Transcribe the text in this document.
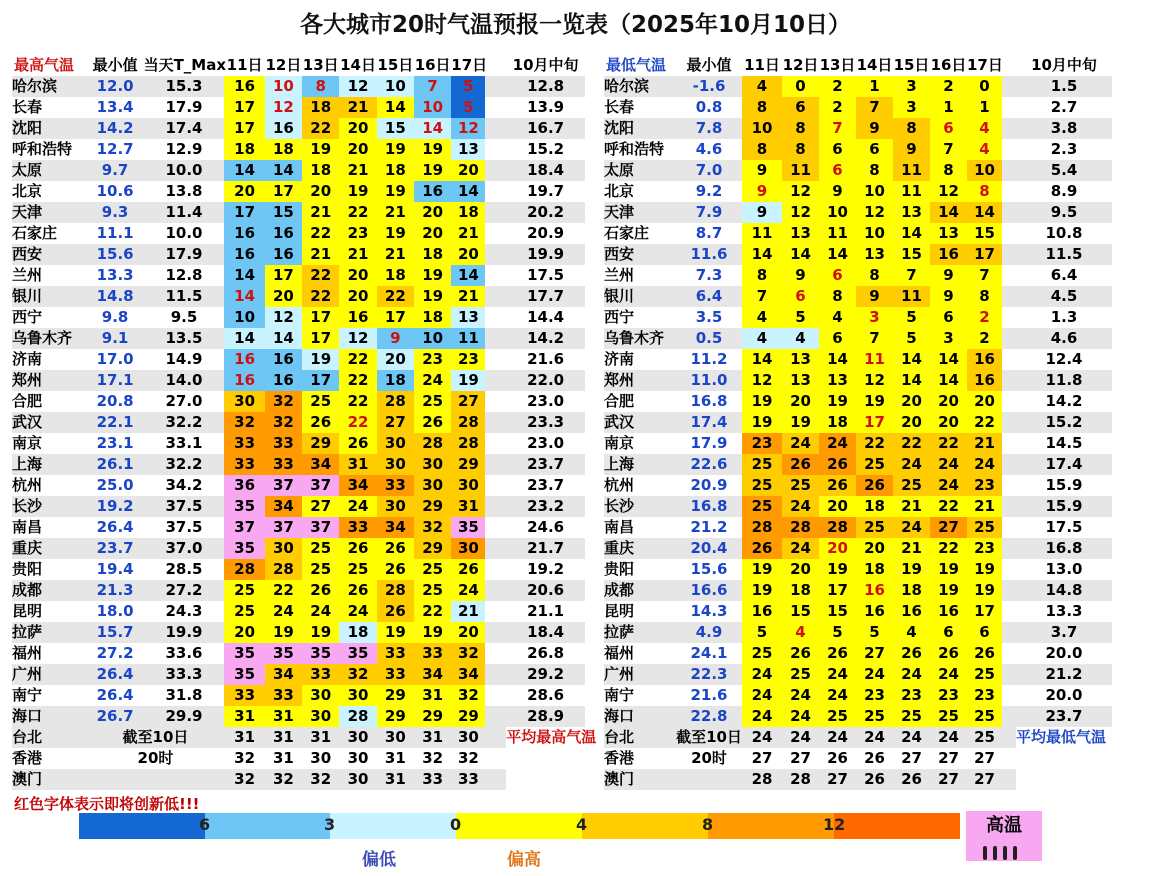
各大城市20时气温预报一览表（2025年10月10日）
最高气温	最小值	当天T_Max	11日	12日	13日	14日	15日	16日	17日		10月中旬
哈尔滨	12.0	15.3	16	10	8	12	10	7	5		12.8
长春	13.4	17.9	17	12	18	21	14	10	5		13.9
沈阳	14.2	17.4	17	16	22	20	15	14	12		16.7
呼和浩特	12.7	12.9	18	18	19	20	19	19	13		15.2
太原	9.7	10.0	14	14	18	21	18	19	20		18.4
北京	10.6	13.8	20	17	20	19	19	16	14		19.7
天津	9.3	11.4	17	15	21	22	21	20	18		20.2
石家庄	11.1	10.0	16	16	22	23	19	20	21		20.9
西安	15.6	17.9	16	16	21	21	21	18	20		19.9
兰州	13.3	12.8	14	17	22	20	18	19	14		17.5
银川	14.8	11.5	14	20	22	20	22	19	21		17.7
西宁	9.8	9.5	10	12	17	16	17	18	13		14.4
乌鲁木齐	9.1	13.5	14	14	17	12	9	10	11		14.2
济南	17.0	14.9	16	16	19	22	20	23	23		21.6
郑州	17.1	14.0	16	16	17	22	18	24	19		22.0
合肥	20.8	27.0	30	32	25	22	28	25	27		23.0
武汉	22.1	32.2	32	32	26	22	27	26	28		23.3
南京	23.1	33.1	33	33	29	26	30	28	28		23.0
上海	26.1	32.2	33	33	34	31	30	30	29		23.7
杭州	25.0	34.2	36	37	37	34	33	30	30		23.7
长沙	19.2	37.5	35	34	27	24	30	29	31		23.2
南昌	26.4	37.5	37	37	37	33	34	32	35		24.6
重庆	23.7	37.0	35	30	25	26	26	29	30		21.7
贵阳	19.4	28.5	28	28	25	25	26	25	26		19.2
成都	21.3	27.2	25	22	26	26	28	25	24		20.6
昆明	18.0	24.3	25	24	24	24	26	22	21		21.1
拉萨	15.7	19.9	20	19	19	18	19	19	20		18.4
福州	27.2	33.6	35	35	35	35	33	33	32		26.8
广州	26.4	33.3	35	34	33	32	33	34	34		29.2
南宁	26.4	31.8	33	33	30	30	29	31	32		28.6
海口	26.7	29.9	31	31	30	28	29	29	29		28.9
台北	截至10日		31	31	31	30	30	31	30		平均最高气温
香港	20时		32	31	30	30	31	32	32		
澳门			32	32	32	30	31	33	33		
最低气温	最小值	11日	12日	13日	14日	15日	16日	17日		10月中旬
哈尔滨	-1.6	4	0	2	1	3	2	0		1.5
长春	0.8	8	6	2	7	3	1	1		2.7
沈阳	7.8	10	8	7	9	8	6	4		3.8
呼和浩特	4.6	8	8	6	6	9	7	4		2.3
太原	7.0	9	11	6	8	11	8	10		5.4
北京	9.2	9	12	9	10	11	12	8		8.9
天津	7.9	9	12	10	12	13	14	14		9.5
石家庄	8.7	11	13	11	10	14	13	15		10.8
西安	11.6	14	14	14	13	15	16	17		11.5
兰州	7.3	8	9	6	8	7	9	7		6.4
银川	6.4	7	6	8	9	11	9	8		4.5
西宁	3.5	4	5	4	3	5	6	2		1.3
乌鲁木齐	0.5	4	4	6	7	5	3	2		4.6
济南	11.2	14	13	14	11	14	14	16		12.4
郑州	11.0	12	13	13	12	14	14	16		11.8
合肥	16.8	19	20	19	19	20	20	20		14.2
武汉	17.4	19	19	18	17	20	20	22		15.2
南京	17.9	23	24	24	22	22	22	21		14.5
上海	22.6	25	26	26	25	24	24	24		17.4
杭州	20.9	25	25	26	26	25	24	23		15.9
长沙	16.8	25	24	20	18	21	22	21		15.9
南昌	21.2	28	28	28	25	24	27	25		17.5
重庆	20.4	26	24	20	20	21	22	23		16.8
贵阳	15.6	19	20	19	18	19	19	19		13.0
成都	16.6	19	18	17	16	18	19	19		14.8
昆明	14.3	16	15	15	16	16	16	17		13.3
拉萨	4.9	5	4	5	5	4	6	6		3.7
福州	24.1	25	26	26	27	26	26	26		20.0
广州	22.3	24	25	24	24	24	24	25		21.2
南宁	21.6	24	24	24	23	23	23	23		20.0
海口	22.8	24	24	25	25	25	25	25		23.7
台北	截至10日	24	24	24	24	24	24	25		平均最低气温
香港	20时	27	27	26	26	27	27	27		
澳门		28	28	27	26	26	27	27		
红色字体表示即将创新低!!!
6	3	0	4	8	12
偏低	偏高
高温
